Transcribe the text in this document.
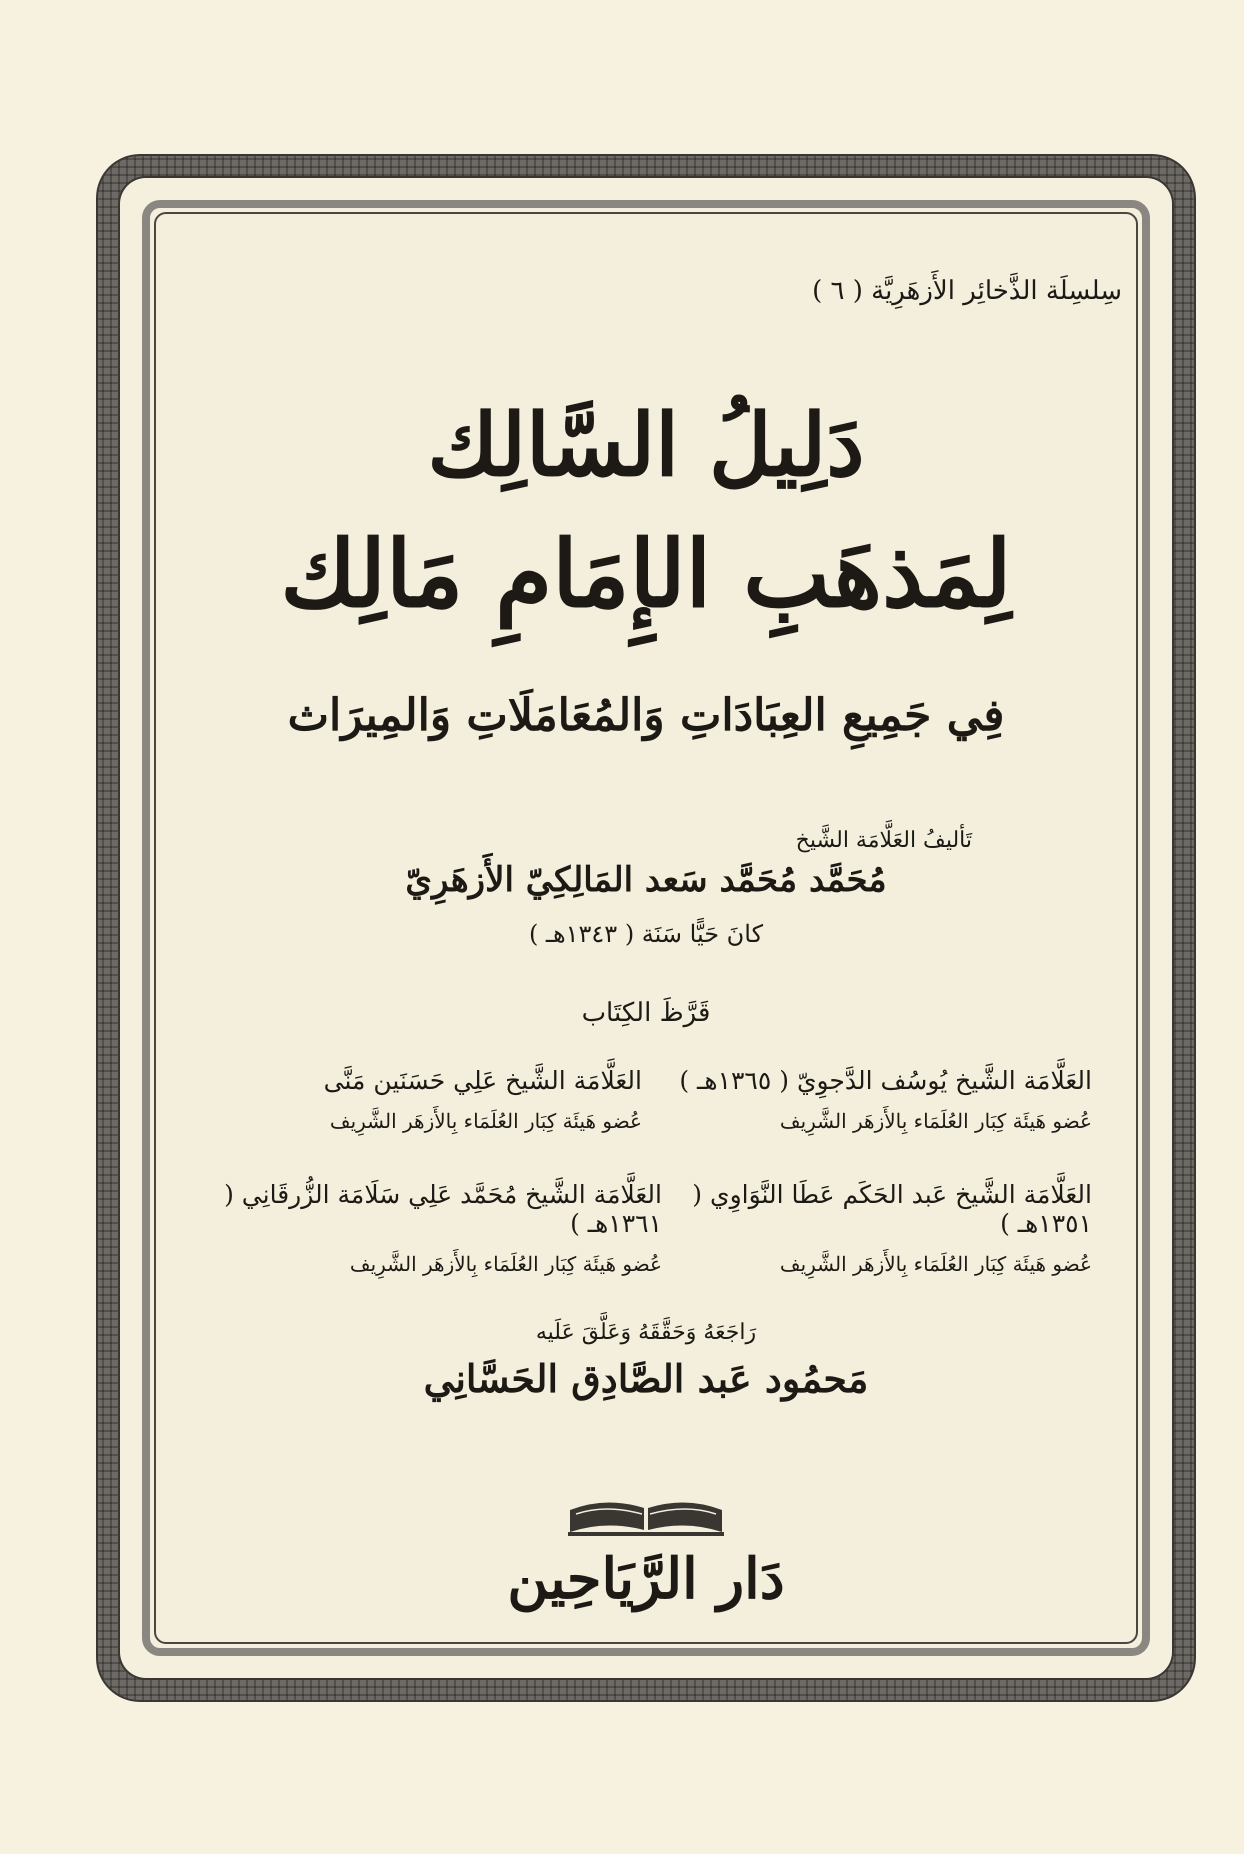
سِلسِلَة الذَّخائِر الأَزهَرِيَّة ( ٦ )
دَلِيلُ السَّالِك
لِمَذهَبِ الإِمَامِ مَالِك
فِي جَمِيعِ العِبَادَاتِ وَالمُعَامَلَاتِ وَالمِيرَاث
تَأليفُ العَلَّامَة الشَّيخ
مُحَمَّد مُحَمَّد سَعد المَالِكِيّ الأَزهَرِيّ
كانَ حَيًّا سَنَة ( ١٣٤٣هـ )
قَرَّظَ الكِتَاب
العَلَّامَة الشَّيخ يُوسُف الدَّجوِيّ ( ١٣٦٥هـ )
عُضو هَيئَة كِبَار العُلَمَاء بِالأَزهَر الشَّرِيف
العَلَّامَة الشَّيخ عَلِي حَسَنَين مَنَّى
عُضو هَيئَة كِبَار العُلَمَاء بِالأَزهَر الشَّرِيف
العَلَّامَة الشَّيخ عَبد الحَكَم عَطَا النَّوَاوِي ( ١٣٥١هـ )
عُضو هَيئَة كِبَار العُلَمَاء بِالأَزهَر الشَّرِيف
العَلَّامَة الشَّيخ مُحَمَّد عَلِي سَلَامَة الزُّرقَانِي ( ١٣٦١هـ )
عُضو هَيئَة كِبَار العُلَمَاء بِالأَزهَر الشَّرِيف
رَاجَعَهُ وَحَقَّقَهُ وَعَلَّقَ عَلَيه
مَحمُود عَبد الصَّادِق الحَسَّانِي
دَار الرَّيَاحِين
